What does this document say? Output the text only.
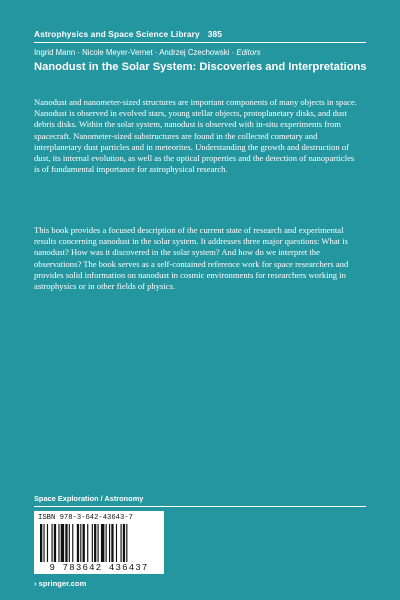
Astrophysics and Space Science Library 385
Ingrid Mann · Nicole Meyer-Vernet · Andrzej Czechowski · Editors
Nanodust in the Solar System: Discoveries and Interpretations

Nanodust and nanometer-sized structures are important components of many objects in space. Nanodust is observed in evolved stars, young stellar objects, protoplanetary disks, and dust debris disks. Within the solar system, nanodust is observed with in-situ experiments from spacecraft. Nanometer-sized substructures are found in the collected cometary and interplanetary dust particles and in meteorites. Understanding the growth and destruction of dust, its internal evolution, as well as the optical properties and the detection of nanoparticles is of fundamental importance for astrophysical research.

This book provides a focused description of the current state of research and experimental results concerning nanodust in the solar system. It addresses three major questions: What is nanodust? How was it discovered in the solar system? And how do we interpret the observations? The book serves as a self-contained reference work for space researchers and provides solid information on nanodust in cosmic environments for researchers working in astrophysics or in other fields of physics.

Space Exploration / Astronomy
ISBN 978-3-642-43643-7
9 783642 436437
› springer.com
